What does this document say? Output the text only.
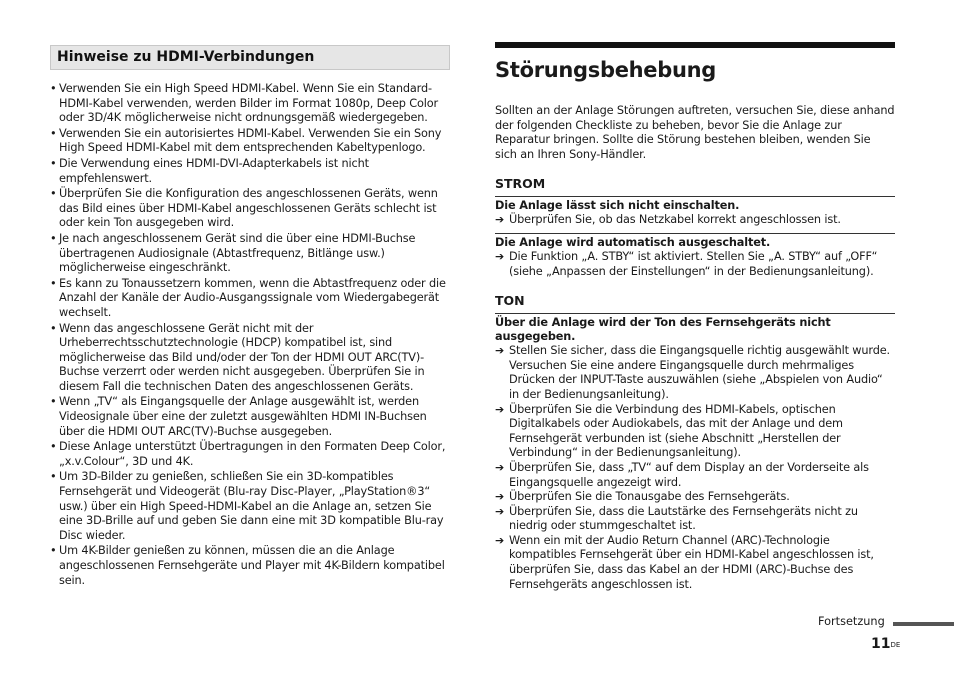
Hinweise zu HDMI-Verbindungen
• Verwenden Sie ein High Speed HDMI-Kabel. Wenn Sie ein Standard-HDMI-Kabel verwenden, werden Bilder im Format 1080p, Deep Color oder 3D/4K möglicherweise nicht ordnungsgemäß wiedergegeben.
• Verwenden Sie ein autorisiertes HDMI-Kabel. Verwenden Sie ein Sony High Speed HDMI-Kabel mit dem entsprechenden Kabeltypenlogo.
• Die Verwendung eines HDMI-DVI-Adapterkabels ist nicht empfehlenswert.
• Überprüfen Sie die Konfiguration des angeschlossenen Geräts, wenn das Bild eines über HDMI-Kabel angeschlossenen Geräts schlecht ist oder kein Ton ausgegeben wird.
• Je nach angeschlossenem Gerät sind die über eine HDMI-Buchse übertragenen Audiosignale (Abtastfrequenz, Bitlänge usw.) möglicherweise eingeschränkt.
• Es kann zu Tonaussetzern kommen, wenn die Abtastfrequenz oder die Anzahl der Kanäle der Audio-Ausgangssignale vom Wiedergabegerät wechselt.
• Wenn das angeschlossene Gerät nicht mit der Urheberrechtsschutztechnologie (HDCP) kompatibel ist, sind möglicherweise das Bild und/oder der Ton der HDMI OUT ARC(TV)-Buchse verzerrt oder werden nicht ausgegeben. Überprüfen Sie in diesem Fall die technischen Daten des angeschlossenen Geräts.
• Wenn „TV“ als Eingangsquelle der Anlage ausgewählt ist, werden Videosignale über eine der zuletzt ausgewählten HDMI IN-Buchsen über die HDMI OUT ARC(TV)-Buchse ausgegeben.
• Diese Anlage unterstützt Übertragungen in den Formaten Deep Color, „x.v.Colour“, 3D und 4K.
• Um 3D-Bilder zu genießen, schließen Sie ein 3D-kompatibles Fernsehgerät und Videogerät (Blu-ray Disc-Player, „PlayStation®3“ usw.) über ein High Speed-HDMI-Kabel an die Anlage an, setzen Sie eine 3D-Brille auf und geben Sie dann eine mit 3D kompatible Blu-ray Disc wieder.
• Um 4K-Bilder genießen zu können, müssen die an die Anlage angeschlossenen Fernsehgeräte und Player mit 4K-Bildern kompatibel sein.
Störungsbehebung

Sollten an der Anlage Störungen auftreten, versuchen Sie, diese anhand der folgenden Checkliste zu beheben, bevor Sie die Anlage zur Reparatur bringen. Sollte die Störung bestehen bleiben, wenden Sie sich an Ihren Sony-Händler.

STROM
Die Anlage lässt sich nicht einschalten.
➔ Überprüfen Sie, ob das Netzkabel korrekt angeschlossen ist.
Die Anlage wird automatisch ausgeschaltet.
➔ Die Funktion „A. STBY“ ist aktiviert. Stellen Sie „A. STBY“ auf „OFF“ (siehe „Anpassen der Einstellungen“ in der Bedienungsanleitung).
TON
Über die Anlage wird der Ton des Fernsehgeräts nicht ausgegeben.
➔ Stellen Sie sicher, dass die Eingangsquelle richtig ausgewählt wurde. Versuchen Sie eine andere Eingangsquelle durch mehrmaliges Drücken der INPUT-Taste auszuwählen (siehe „Abspielen von Audio“ in der Bedienungsanleitung).
➔ Überprüfen Sie die Verbindung des HDMI-Kabels, optischen Digitalkabels oder Audiokabels, das mit der Anlage und dem Fernsehgerät verbunden ist (siehe Abschnitt „Herstellen der Verbindung“ in der Bedienungsanleitung).
➔ Überprüfen Sie, dass „TV“ auf dem Display an der Vorderseite als Eingangsquelle angezeigt wird.
➔ Überprüfen Sie die Tonausgabe des Fernsehgeräts.
➔ Überprüfen Sie, dass die Lautstärke des Fernsehgeräts nicht zu niedrig oder stummgeschaltet ist.
➔ Wenn ein mit der Audio Return Channel (ARC)-Technologie kompatibles Fernsehgerät über ein HDMI-Kabel angeschlossen ist, überprüfen Sie, dass das Kabel an der HDMI (ARC)-Buchse des Fernsehgeräts angeschlossen ist.
Fortsetzung
$11_{DE}$
